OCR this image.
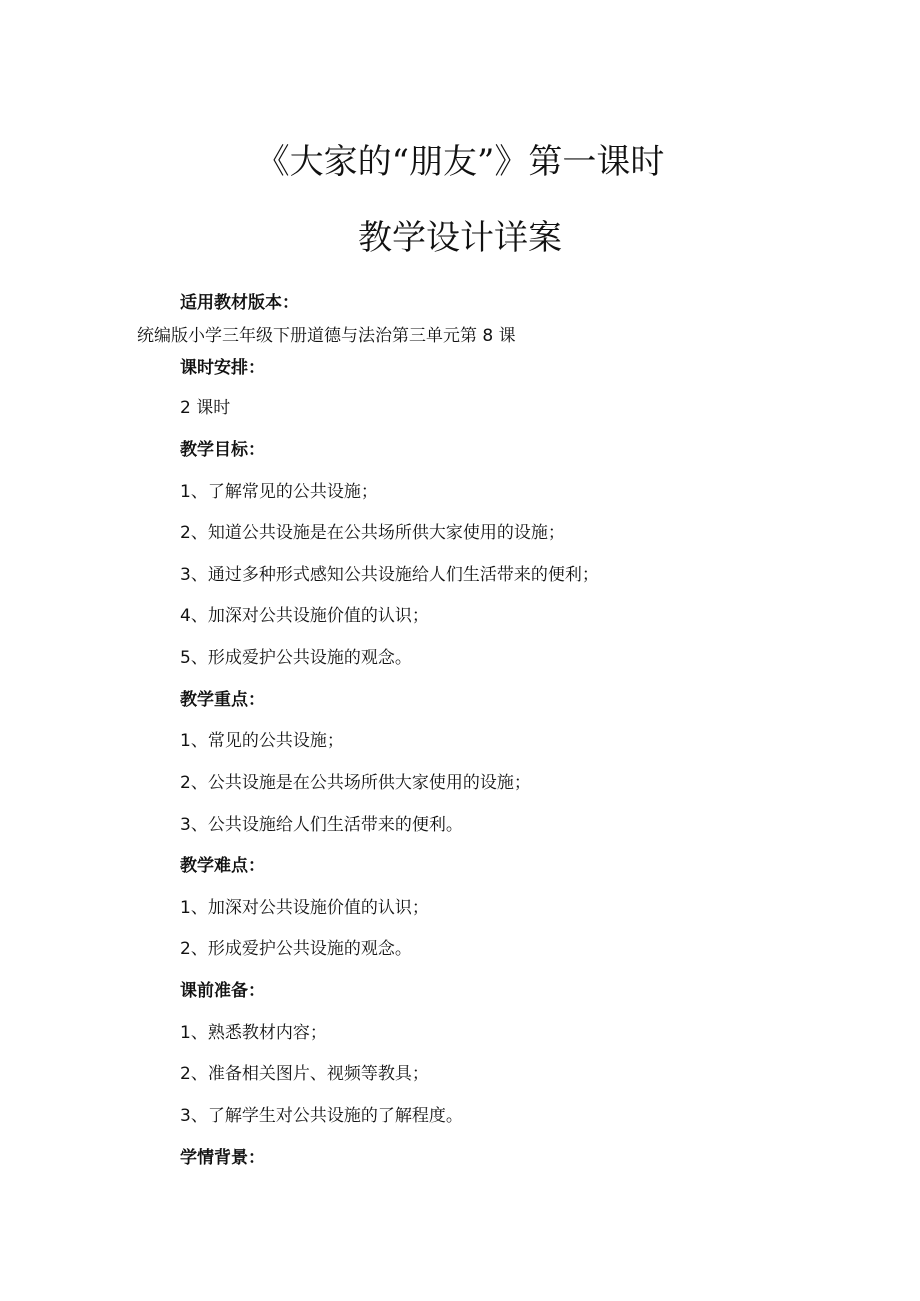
《大家的“朋友”》第一课时
教学设计详案
适用教材版本：
统编版小学三年级下册道德与法治第三单元第 8 课
课时安排：
2 课时
教学目标：
1、了解常见的公共设施；
2、知道公共设施是在公共场所供大家使用的设施；
3、通过多种形式感知公共设施给人们生活带来的便利；
4、加深对公共设施价值的认识；
5、形成爱护公共设施的观念。
教学重点：
1、常见的公共设施；
2、公共设施是在公共场所供大家使用的设施；
3、公共设施给人们生活带来的便利。
教学难点：
1、加深对公共设施价值的认识；
2、形成爱护公共设施的观念。
课前准备：
1、熟悉教材内容；
2、准备相关图片、视频等教具；
3、了解学生对公共设施的了解程度。
学情背景：
